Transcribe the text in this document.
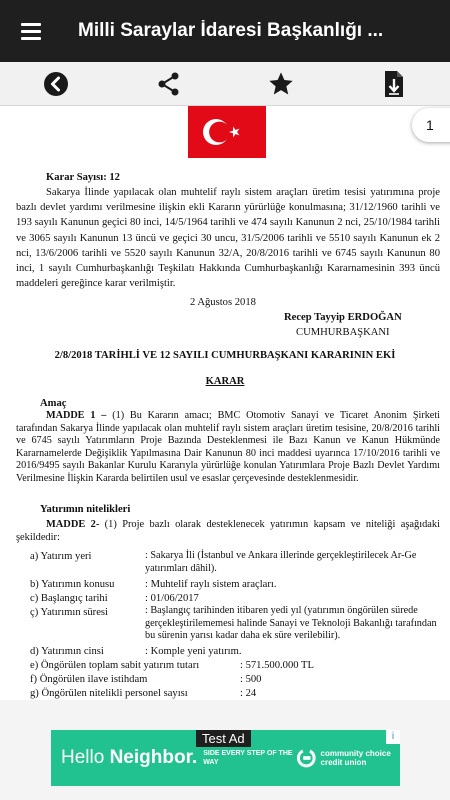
Milli Saraylar İdaresi Başkanlığı ...
1
Karar Sayısı: 12
Sakarya İlinde yapılacak olan muhtelif raylı sistem araçları üretim tesisi yatırımına proje bazlı devlet yardımı verilmesine ilişkin ekli Kararın yürürlüğe konulmasına; 31/12/1960 tarihli ve 193 sayılı Kanunun geçici 80 inci, 14/5/1964 tarihli ve 474 sayılı Kanunun 2 nci, 25/10/1984 tarihli ve 3065 sayılı Kanunun 13 üncü ve geçici 30 uncu, 31/5/2006 tarihli ve 5510 sayılı Kanunun ek 2 nci, 13/6/2006 tarihli ve 5520 sayılı Kanunun 32/A, 20/8/2016 tarihli ve 6745 sayılı Kanunun 80 inci, 1 sayılı Cumhurbaşkanlığı Teşkilatı Hakkında Cumhurbaşkanlığı Kararnamesinin 393 üncü maddeleri gereğince karar verilmiştir.
2 Ağustos 2018
Recep Tayyip ERDOĞAN
CUMHURBAŞKANI
2/8/2018 TARİHLİ VE 12 SAYILI CUMHURBAŞKANI KARARININ EKİ
KARAR
Amaç
MADDE 1 – (1) Bu Kararın amacı; BMC Otomotiv Sanayi ve Ticaret Anonim Şirketi tarafından Sakarya İlinde yapılacak olan muhtelif raylı sistem araçları üretim tesisine, 20/8/2016 tarihli ve 6745 sayılı Yatırımların Proje Bazında Desteklenmesi ile Bazı Kanun ve Kanun Hükmünde Kararnamelerde Değişiklik Yapılmasına Dair Kanunun 80 inci maddesi uyarınca 17/10/2016 tarihli ve 2016/9495 sayılı Bakanlar Kurulu Kararıyla yürürlüğe konulan Yatırımlara Proje Bazlı Devlet Yardımı Verilmesine İlişkin Kararda belirtilen usul ve esaslar çerçevesinde desteklenmesidir.
Yatırımın nitelikleri
MADDE 2- (1) Proje bazlı olarak desteklenecek yatırımın kapsam ve niteliği aşağıdaki şekildedir:
a) Yatırım yeri	: Sakarya İli (İstanbul ve Ankara illerinde gerçekleştirilecek Ar-Ge yatırımları dâhil).
b) Yatırımın konusu	: Muhtelif raylı sistem araçları.
c) Başlangıç tarihi	: 01/06/2017
ç) Yatırımın süresi	: Başlangıç tarihinden itibaren yedi yıl (yatırımın öngörülen sürede gerçekleştirilememesi halinde Sanayi ve Teknoloji Bakanlığı tarafından bu sürenin yarısı kadar daha ek süre verilebilir).
d) Yatırımın cinsi	: Komple yeni yatırım.
e) Öngörülen toplam sabit yatırım tutarı	: 571.500.000 TL
f) Öngörülen ilave istihdam	: 500
g) Öngörülen nitelikli personel sayısı	: 24
Test Ad
Hello Neighbor. SIDE EVERY STEP OF THE WAY
community choice credit union
i
